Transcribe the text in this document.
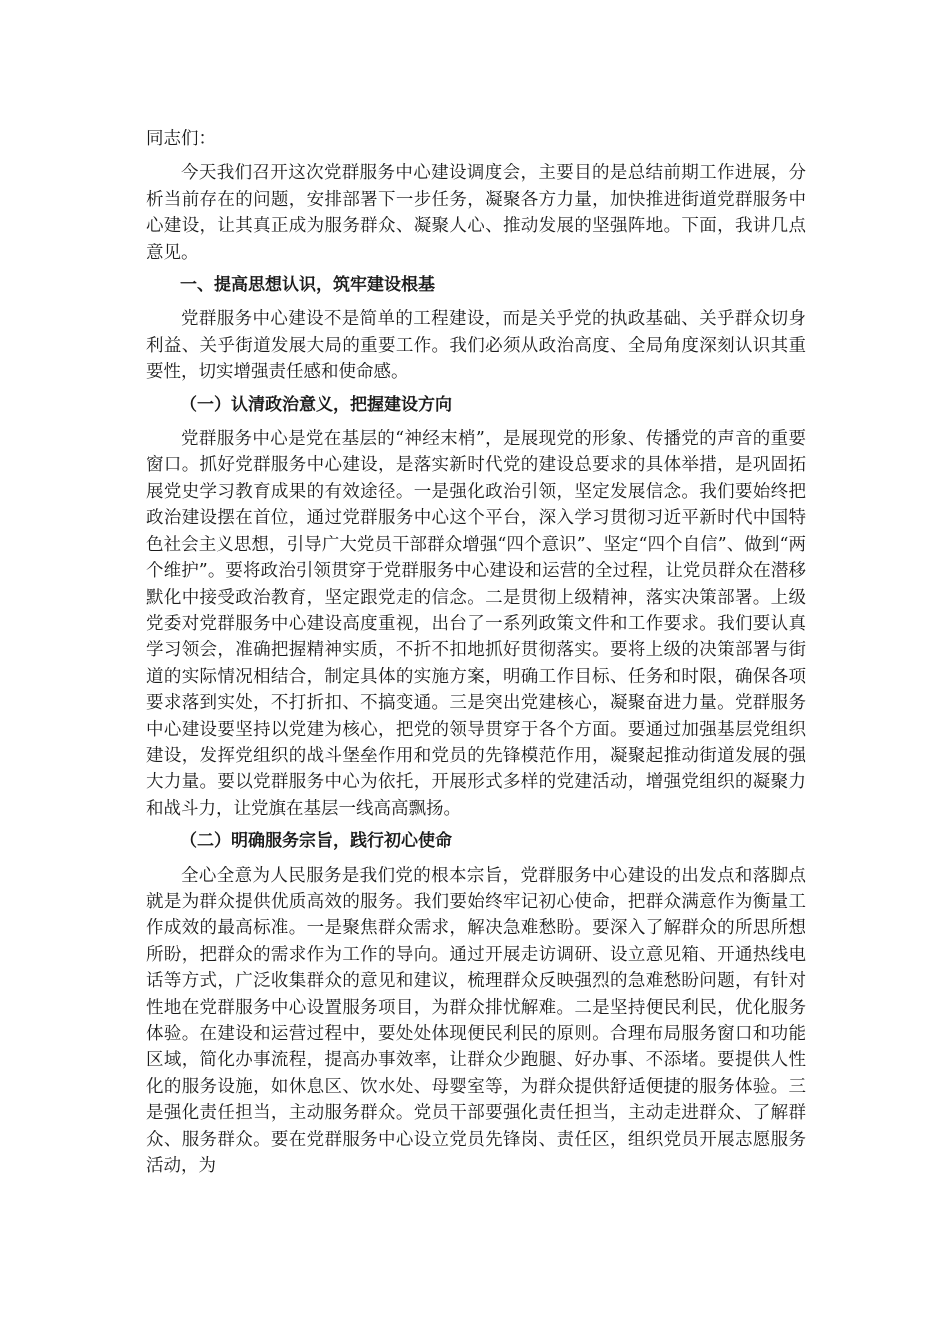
同志们：

今天我们召开这次党群服务中心建设调度会，主要目的是总结前期工作进展，分析当前存在的问题，安排部署下一步任务，凝聚各方力量，加快推进街道党群服务中心建设，让其真正成为服务群众、凝聚人心、推动发展的坚强阵地。下面，我讲几点意见。

一、提高思想认识，筑牢建设根基

党群服务中心建设不是简单的工程建设，而是关乎党的执政基础、关乎群众切身利益、关乎街道发展大局的重要工作。我们必须从政治高度、全局角度深刻认识其重要性，切实增强责任感和使命感。

（一）认清政治意义，把握建设方向

党群服务中心是党在基层的“神经末梢”，是展现党的形象、传播党的声音的重要窗口。抓好党群服务中心建设，是落实新时代党的建设总要求的具体举措，是巩固拓展党史学习教育成果的有效途径。一是强化政治引领，坚定发展信念。我们要始终把政治建设摆在首位，通过党群服务中心这个平台，深入学习贯彻习近平新时代中国特色社会主义思想，引导广大党员干部群众增强“四个意识”、坚定“四个自信”、做到“两个维护”。要将政治引领贯穿于党群服务中心建设和运营的全过程，让党员群众在潜移默化中接受政治教育，坚定跟党走的信念。二是贯彻上级精神，落实决策部署。上级党委对党群服务中心建设高度重视，出台了一系列政策文件和工作要求。我们要认真学习领会，准确把握精神实质，不折不扣地抓好贯彻落实。要将上级的决策部署与街道的实际情况相结合，制定具体的实施方案，明确工作目标、任务和时限，确保各项要求落到实处，不打折扣、不搞变通。三是突出党建核心，凝聚奋进力量。党群服务中心建设要坚持以党建为核心，把党的领导贯穿于各个方面。要通过加强基层党组织建设，发挥党组织的战斗堡垒作用和党员的先锋模范作用，凝聚起推动街道发展的强大力量。要以党群服务中心为依托，开展形式多样的党建活动，增强党组织的凝聚力和战斗力，让党旗在基层一线高高飘扬。

（二）明确服务宗旨，践行初心使命

全心全意为人民服务是我们党的根本宗旨，党群服务中心建设的出发点和落脚点就是为群众提供优质高效的服务。我们要始终牢记初心使命，把群众满意作为衡量工作成效的最高标准。一是聚焦群众需求，解决急难愁盼。要深入了解群众的所思所想所盼，把群众的需求作为工作的导向。通过开展走访调研、设立意见箱、开通热线电话等方式，广泛收集群众的意见和建议，梳理群众反映强烈的急难愁盼问题，有针对性地在党群服务中心设置服务项目，为群众排忧解难。二是坚持便民利民，优化服务体验。在建设和运营过程中，要处处体现便民利民的原则。合理布局服务窗口和功能区域，简化办事流程，提高办事效率，让群众少跑腿、好办事、不添堵。要提供人性化的服务设施，如休息区、饮水处、母婴室等，为群众提供舒适便捷的服务体验。三是强化责任担当，主动服务群众。党员干部要强化责任担当，主动走进群众、了解群众、服务群众。要在党群服务中心设立党员先锋岗、责任区，组织党员开展志愿服务活动，为
